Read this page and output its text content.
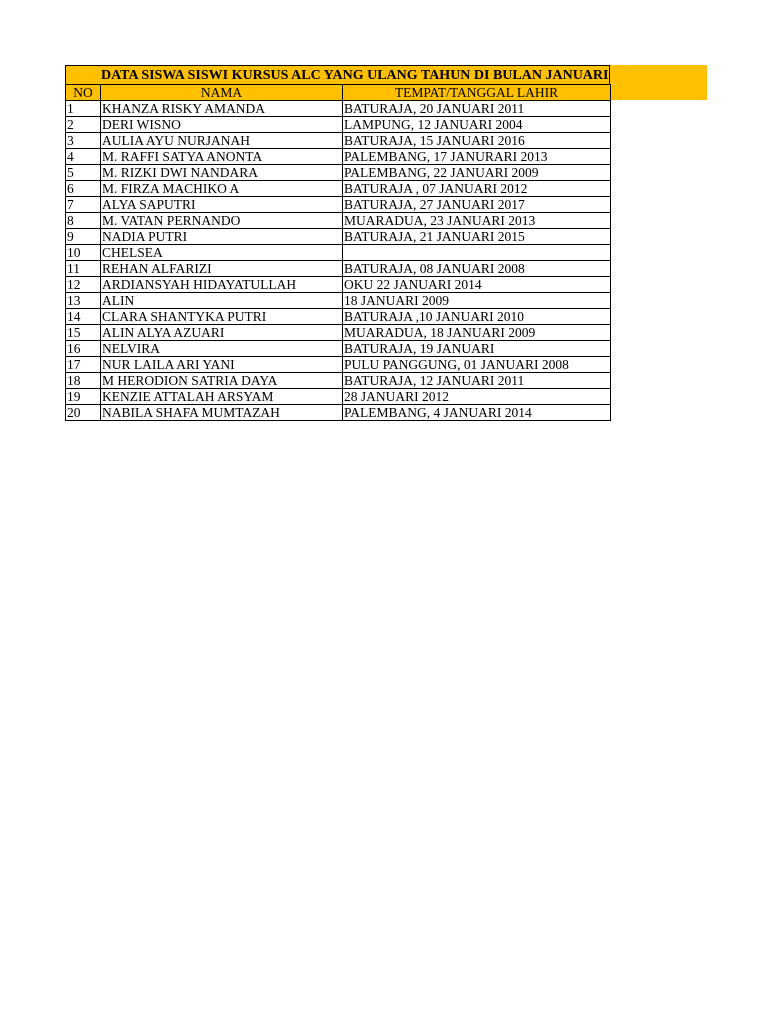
DATA SISWA SISWI KURSUS ALC YANG ULANG TAHUN DI BULAN JANUARI
NO	NAMA	TEMPAT/TANGGAL LAHIR
1	KHANZA RISKY AMANDA	BATURAJA, 20 JANUARI 2011
2	DERI WISNO	LAMPUNG, 12 JANUARI 2004
3	AULIA AYU NURJANAH	BATURAJA, 15 JANUARI 2016
4	M. RAFFI SATYA ANONTA	PALEMBANG, 17 JANURARI 2013
5	M. RIZKI DWI NANDARA	PALEMBANG, 22 JANUARI 2009
6	M. FIRZA MACHIKO A	BATURAJA , 07 JANUARI 2012
7	ALYA SAPUTRI	BATURAJA, 27 JANUARI 2017
8	M. VATAN PERNANDO	MUARADUA, 23 JANUARI 2013
9	NADIA PUTRI	BATURAJA, 21 JANUARI 2015
10	CHELSEA	
11	REHAN ALFARIZI	BATURAJA, 08 JANUARI 2008
12	ARDIANSYAH HIDAYATULLAH	OKU 22 JANUARI 2014
13	ALIN	18 JANUARI 2009
14	CLARA SHANTYKA PUTRI	BATURAJA ,10 JANUARI 2010
15	ALIN ALYA AZUARI	MUARADUA, 18 JANUARI 2009
16	NELVIRA	BATURAJA, 19 JANUARI
17	NUR LAILA ARI YANI	PULU PANGGUNG, 01 JANUARI 2008
18	M HERODION SATRIA DAYA	BATURAJA, 12 JANUARI 2011
19	KENZIE ATTALAH ARSYAM	28 JANUARI 2012
20	NABILA SHAFA MUMTAZAH	PALEMBANG, 4 JANUARI 2014
